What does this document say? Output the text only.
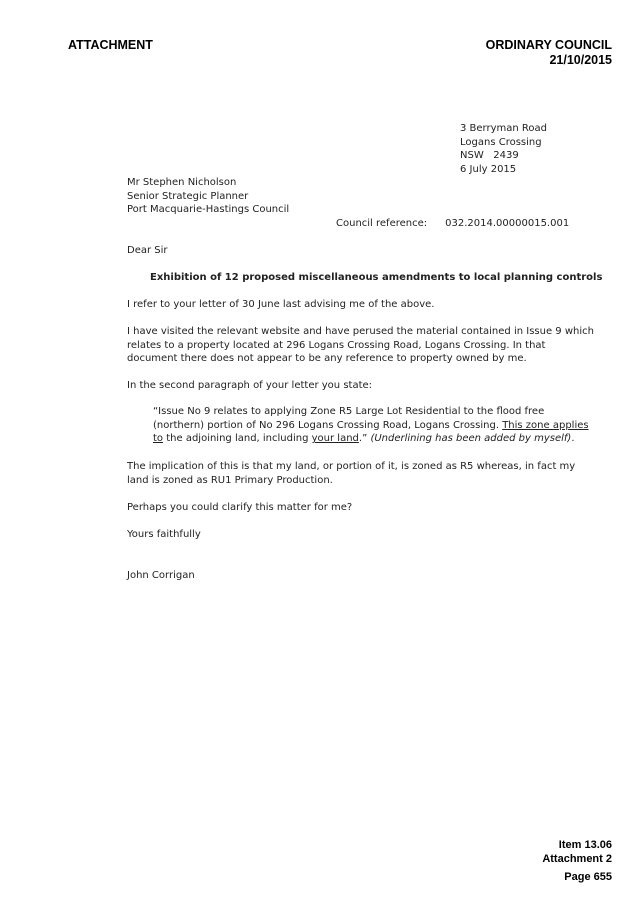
ATTACHMENT	ORDINARY COUNCIL
21/10/2015
3 Berryman Road
Logans Crossing
NSW   2439
6 July 2015
Mr Stephen Nicholson
Senior Strategic Planner
Port Macquarie-Hastings Council
Council reference: 032.2014.00000015.001
Dear Sir
Exhibition of 12 proposed miscellaneous amendments to local planning controls
I refer to your letter of 30 June last advising me of the above.
I have visited the relevant website and have perused the material contained in Issue 9 which
relates to a property located at 296 Logans Crossing Road, Logans Crossing. In that
document there does not appear to be any reference to property owned by me.
In the second paragraph of your letter you state:
“Issue No 9 relates to applying Zone R5 Large Lot Residential to the flood free
(northern) portion of No 296 Logans Crossing Road, Logans Crossing. This zone applies
to the adjoining land, including your land.” (Underlining has been added by myself).
The implication of this is that my land, or portion of it, is zoned as R5 whereas, in fact my
land is zoned as RU1 Primary Production.
Perhaps you could clarify this matter for me?
Yours faithfully
John Corrigan
Item 13.06
Attachment 2
Page 655
